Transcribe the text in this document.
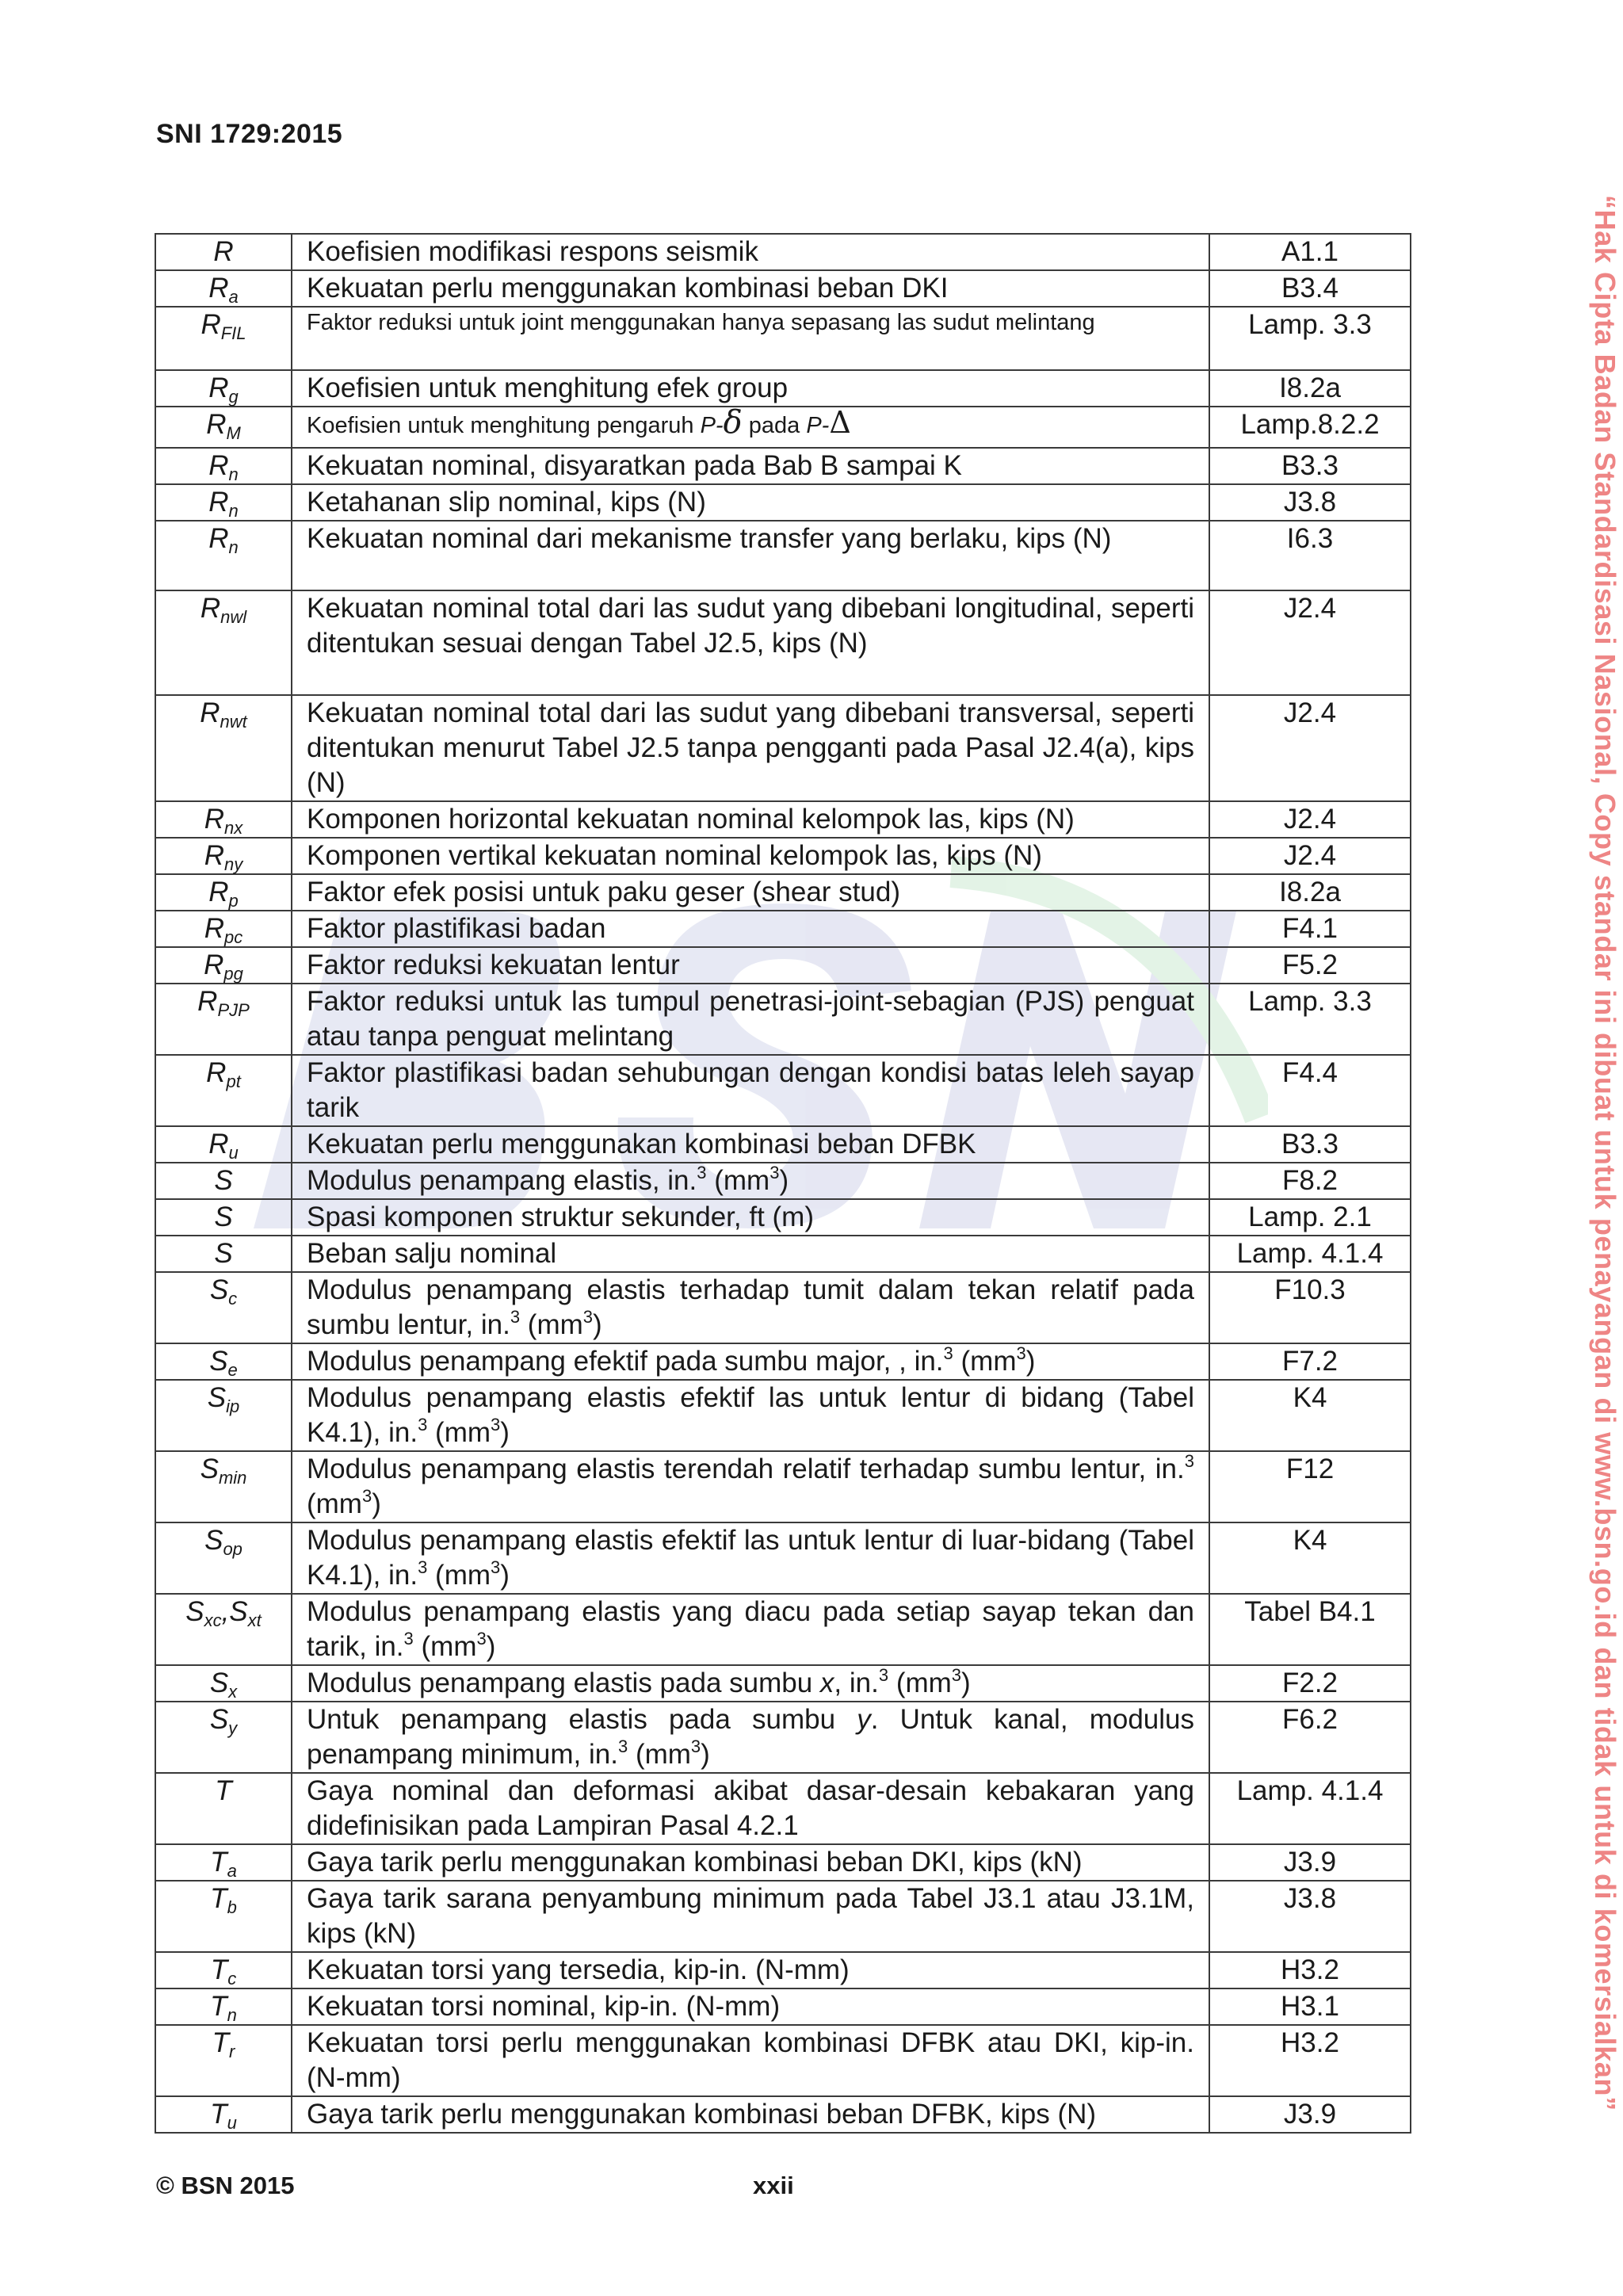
SNI 1729:2015
R	Koefisien modifikasi respons seismik	A1.1
$R_a$	Kekuatan perlu menggunakan kombinasi beban DKI	B3.4
$R_{FIL}$	Faktor reduksi untuk joint menggunakan hanya sepasang las sudut melintang	Lamp. 3.3
$R_g$	Koefisien untuk menghitung efek group	I8.2a
$R_M$	Koefisien untuk menghitung pengaruh P-δ pada P-Δ	Lamp.8.2.2
$R_n$	Kekuatan nominal, disyaratkan pada Bab B sampai K	B3.3
$R_n$	Ketahanan slip nominal, kips (N)	J3.8
$R_n$	Kekuatan nominal dari mekanisme transfer yang berlaku, kips (N)	I6.3
$R_{nwl}$	Kekuatan nominal total dari las sudut yang dibebani longitudinal, seperti ditentukan sesuai dengan Tabel J2.5, kips (N)	J2.4
$R_{nwt}$	Kekuatan nominal total dari las sudut yang dibebani transversal, seperti ditentukan menurut Tabel J2.5 tanpa pengganti pada Pasal J2.4(a), kips (N)	J2.4
$R_{nx}$	Komponen horizontal kekuatan nominal kelompok las, kips (N)	J2.4
$R_{ny}$	Komponen vertikal kekuatan nominal kelompok las, kips (N)	J2.4
$R_p$	Faktor efek posisi untuk paku geser (shear stud)	I8.2a
$R_{pc}$	Faktor plastifikasi badan	F4.1
$R_{pg}$	Faktor reduksi kekuatan lentur	F5.2
$R_{PJP}$	Faktor reduksi untuk las tumpul penetrasi-joint-sebagian (PJS) penguat atau tanpa penguat melintang	Lamp. 3.3
$R_{pt}$	Faktor plastifikasi badan sehubungan dengan kondisi batas leleh sayap tarik	F4.4
$R_u$	Kekuatan perlu menggunakan kombinasi beban DFBK	B3.3
S	Modulus penampang elastis, in.$^3$ $(mm^3)$	F8.2
S	Spasi komponen struktur sekunder, ft (m)	Lamp. 2.1
S	Beban salju nominal	Lamp. 4.1.4
$S_c$	Modulus penampang elastis terhadap tumit dalam tekan relatif pada sumbu lentur, in.$^3$ $(mm^3)$	F10.3
$S_e$	Modulus penampang efektif pada sumbu major, , in.$^3$ $(mm^3)$	F7.2
$S_{ip}$	Modulus penampang elastis efektif las untuk lentur di bidang (Tabel K4.1), in.$^3$ $(mm^3)$	K4
$S_{min}$	Modulus penampang elastis terendah relatif terhadap sumbu lentur, in.$^3$ $(mm^3)$	F12
$S_{op}$	Modulus penampang elastis efektif las untuk lentur di luar-bidang (Tabel K4.1), in.$^3$ $(mm^3)$	K4
$S_{xc},S_{xt}$	Modulus penampang elastis yang diacu pada setiap sayap tekan dan tarik, in.$^3$ $(mm^3)$	Tabel B4.1
$S_x$	Modulus penampang elastis pada sumbu x, in.$^3$ $(mm^3)$	F2.2
$S_y$	Untuk penampang elastis pada sumbu y. Untuk kanal, modulus penampang minimum, in.$^3$ $(mm^3)$	F6.2
T	Gaya nominal dan deformasi akibat dasar-desain kebakaran yang didefinisikan pada Lampiran Pasal 4.2.1	Lamp. 4.1.4
$T_a$	Gaya tarik perlu menggunakan kombinasi beban DKI, kips (kN)	J3.9
$T_b$	Gaya tarik sarana penyambung minimum pada Tabel J3.1 atau J3.1M, kips (kN)	J3.8
$T_c$	Kekuatan torsi yang tersedia, kip-in. (N-mm)	H3.2
$T_n$	Kekuatan torsi nominal, kip-in. (N-mm)	H3.1
$T_r$	Kekuatan torsi perlu menggunakan kombinasi DFBK atau DKI, kip-in. (N-mm)	H3.2
$T_u$	Gaya tarik perlu menggunakan kombinasi beban DFBK, kips (N)	J3.9
“Hak Cipta Badan Standardisasi Nasional, Copy standar ini dibuat untuk penayangan di www.bsn.go.id dan tidak untuk di komersialkan”
© BSN 2015	xxii
